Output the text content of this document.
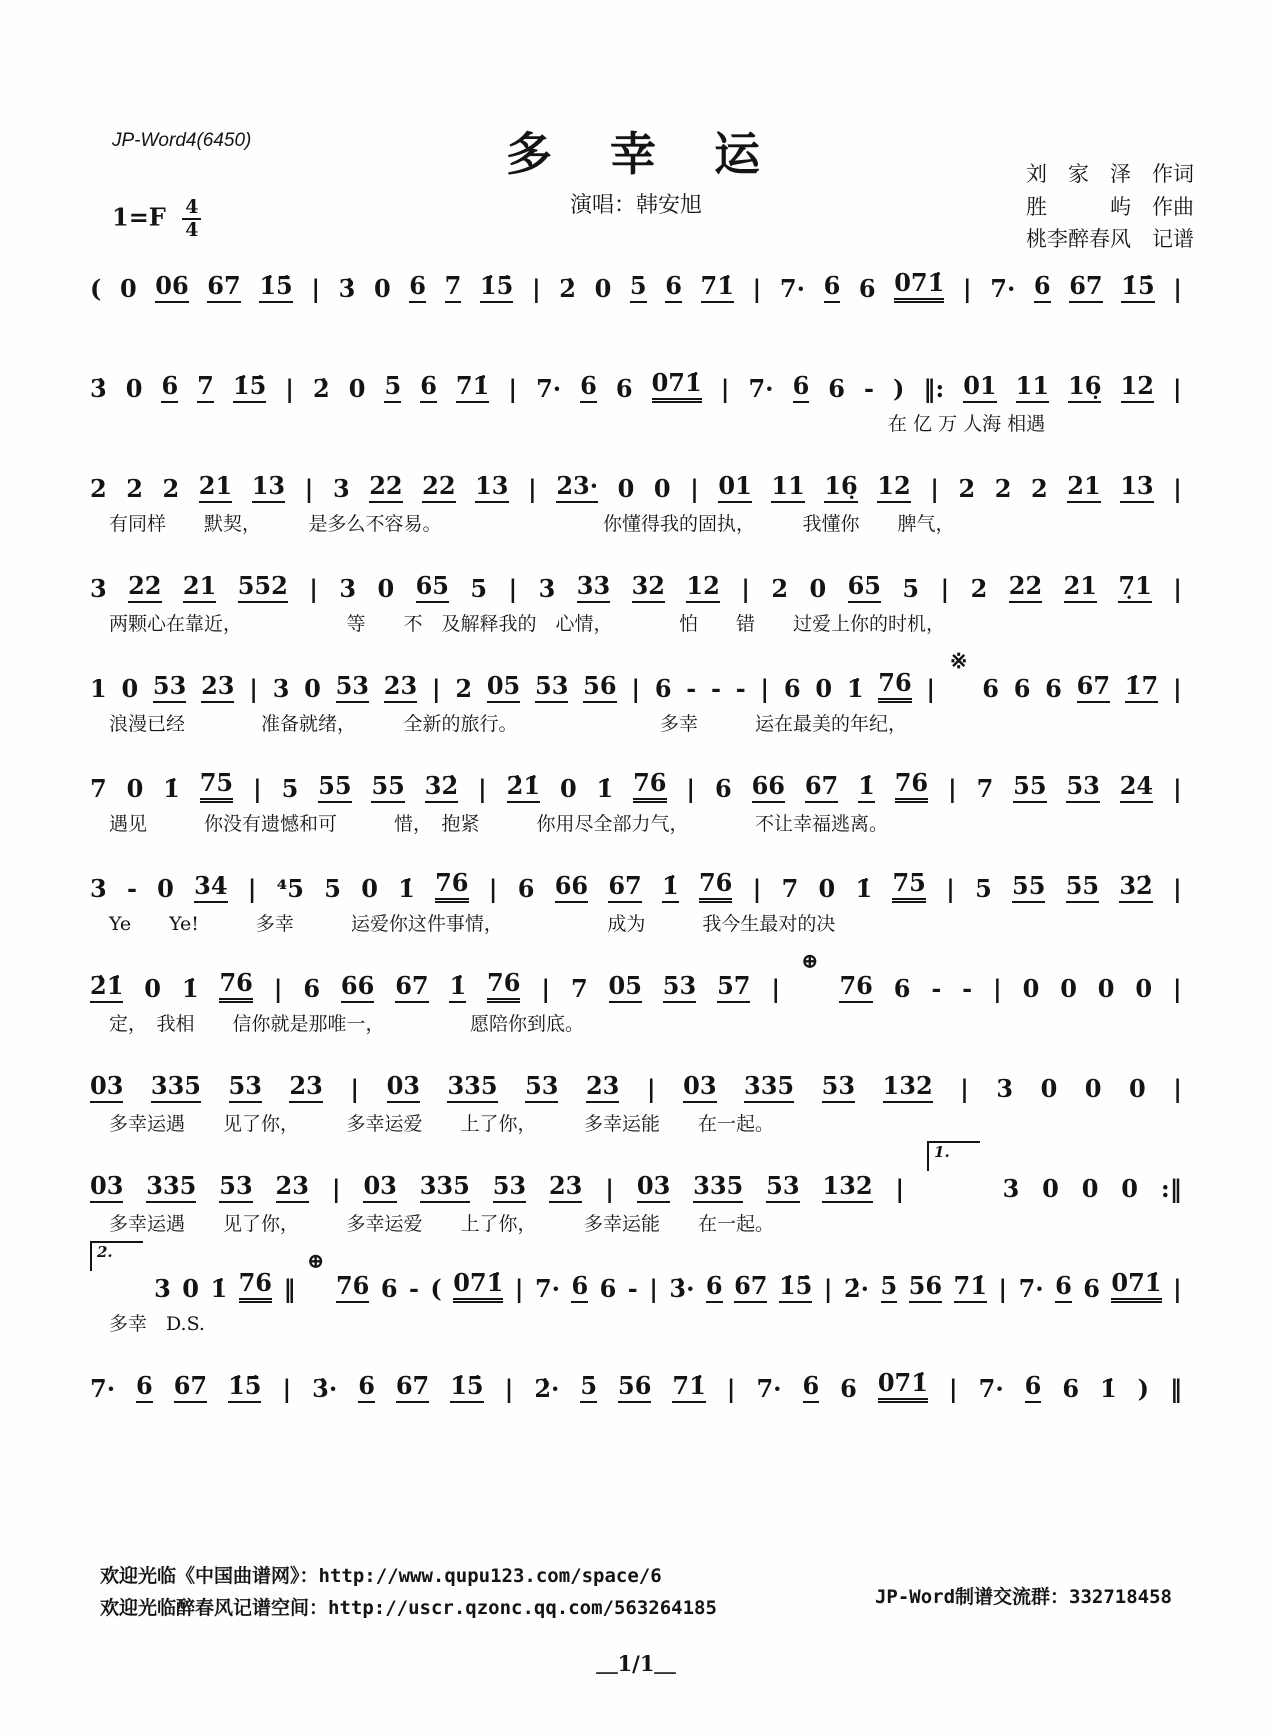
JP-Word4(6450)	多　幸　运	刘　家　泽　作词
胜　　　屿　作曲
桃李醉春风　记谱
$1=F \frac{4}{4}$	演唱：韩安旭
( 0 06 67 1̇5̇ | 3̇ 0 6 7 1̇5̇ | 2̇ 0 5 6 71̇ | 7· 6 6 071̇ | 7· 6 67 1̇5̇ |
3̇ 0 6 7 1̇5̇ | 2̇ 0 5 6 71̇ | 7· 6 6 071̇ | 7· 6 6 - ) ‖: 01 11 16̣ 12 |
　　　　　　　　　　　　　　　　　　　　　　　　　　　　　　　　　　　　　　　　　　在 亿 万 人海 相遇
2 2 2 21 13 | 3 22 22 13 | 23· 0 0 | 01 11 16̣ 12 | 2 2 2 21 13 |
　有同样　　默契，　　　是多么不容易。　　　　　　　　　你懂得我的固执，　　　我懂你　　脾气，
3 22 21 552 | 3 0 65 5 | 3 33 32 12 | 2 0 65 5 | 2 22 21 7̣1 |
　两颗心在靠近，　　　　　　等　　不　及解释我的　心情，　　　　怕　　错　　过爱上你的时机，
1 0 53 23 | 3 0 53 23 | 2 05 53 56 | 6 - - - | 6 0 1̇ 76 |
※
6 6 6 67 1̇7 |
　浪漫已经　　　　准备就绪，　　　全新的旅行。　　　　　　　　多幸　　　运在最美的年纪，
7 0 1̇ 75 | 5 55 55 32̇ | 2̇1̇ 0 1̇ 76 | 6 66 67 1̇ 76 | 7 55 53 24 |
　遇见　　　你没有遗憾和可　　　惜，　抱紧　　　你用尽全部力气，　　　　不让幸福逃离。
3 - 0 34 | ⁴5 5 0 1̇ 76 | 6 66 67 1̇ 76 | 7 0 1̇ 75 | 5 55 55 32̇ |
　Ye　　Ye!　　　多幸　　　运爱你这件事情，　　　　　　成为　　　我今生最对的决
2̇1̇ 0 1̇ 76 | 6 66 67 1̇ 76 | 7 05 53 57 |
⊕
76 6 - - | 0 0 0 0 |
　定，　我相　　信你就是那唯一，　　　　　愿陪你到底。
03 335 53 23 | 03 335 53 23 | 03 335 53 132 | 3 0 0 0 |
　多幸运遇　　见了你，　　　多幸运爱　　上了你，　　　多幸运能　　在一起。
03 335 53 23 | 03 335 53 23 | 03 335 53 132 |
1.
3 0 0 0 :‖
　多幸运遇　　见了你，　　　多幸运爱　　上了你，　　　多幸运能　　在一起。
2.
3 0 1̇ 76 ‖
⊕
76 6 - ( 071̇ | 7· 6 6 - | 3̇· 6 67 1̇5̇ | 2̇· 5 56 71̇ | 7· 6 6 071̇ |
　多幸　D.S.
7· 6 67 1̇5̇ | 3̇· 6 67 1̇5̇ | 2̇· 5 56 71̇ | 7· 6 6 071̇ | 7· 6 6 1̇ ) ‖
欢迎光临《中国曲谱网》：http://www.qupu123.com/space/6
欢迎光临醉春风记谱空间：http://uscr.qzonc.qq.com/563264185
JP-Word制谱交流群：332718458
＿1/1＿
